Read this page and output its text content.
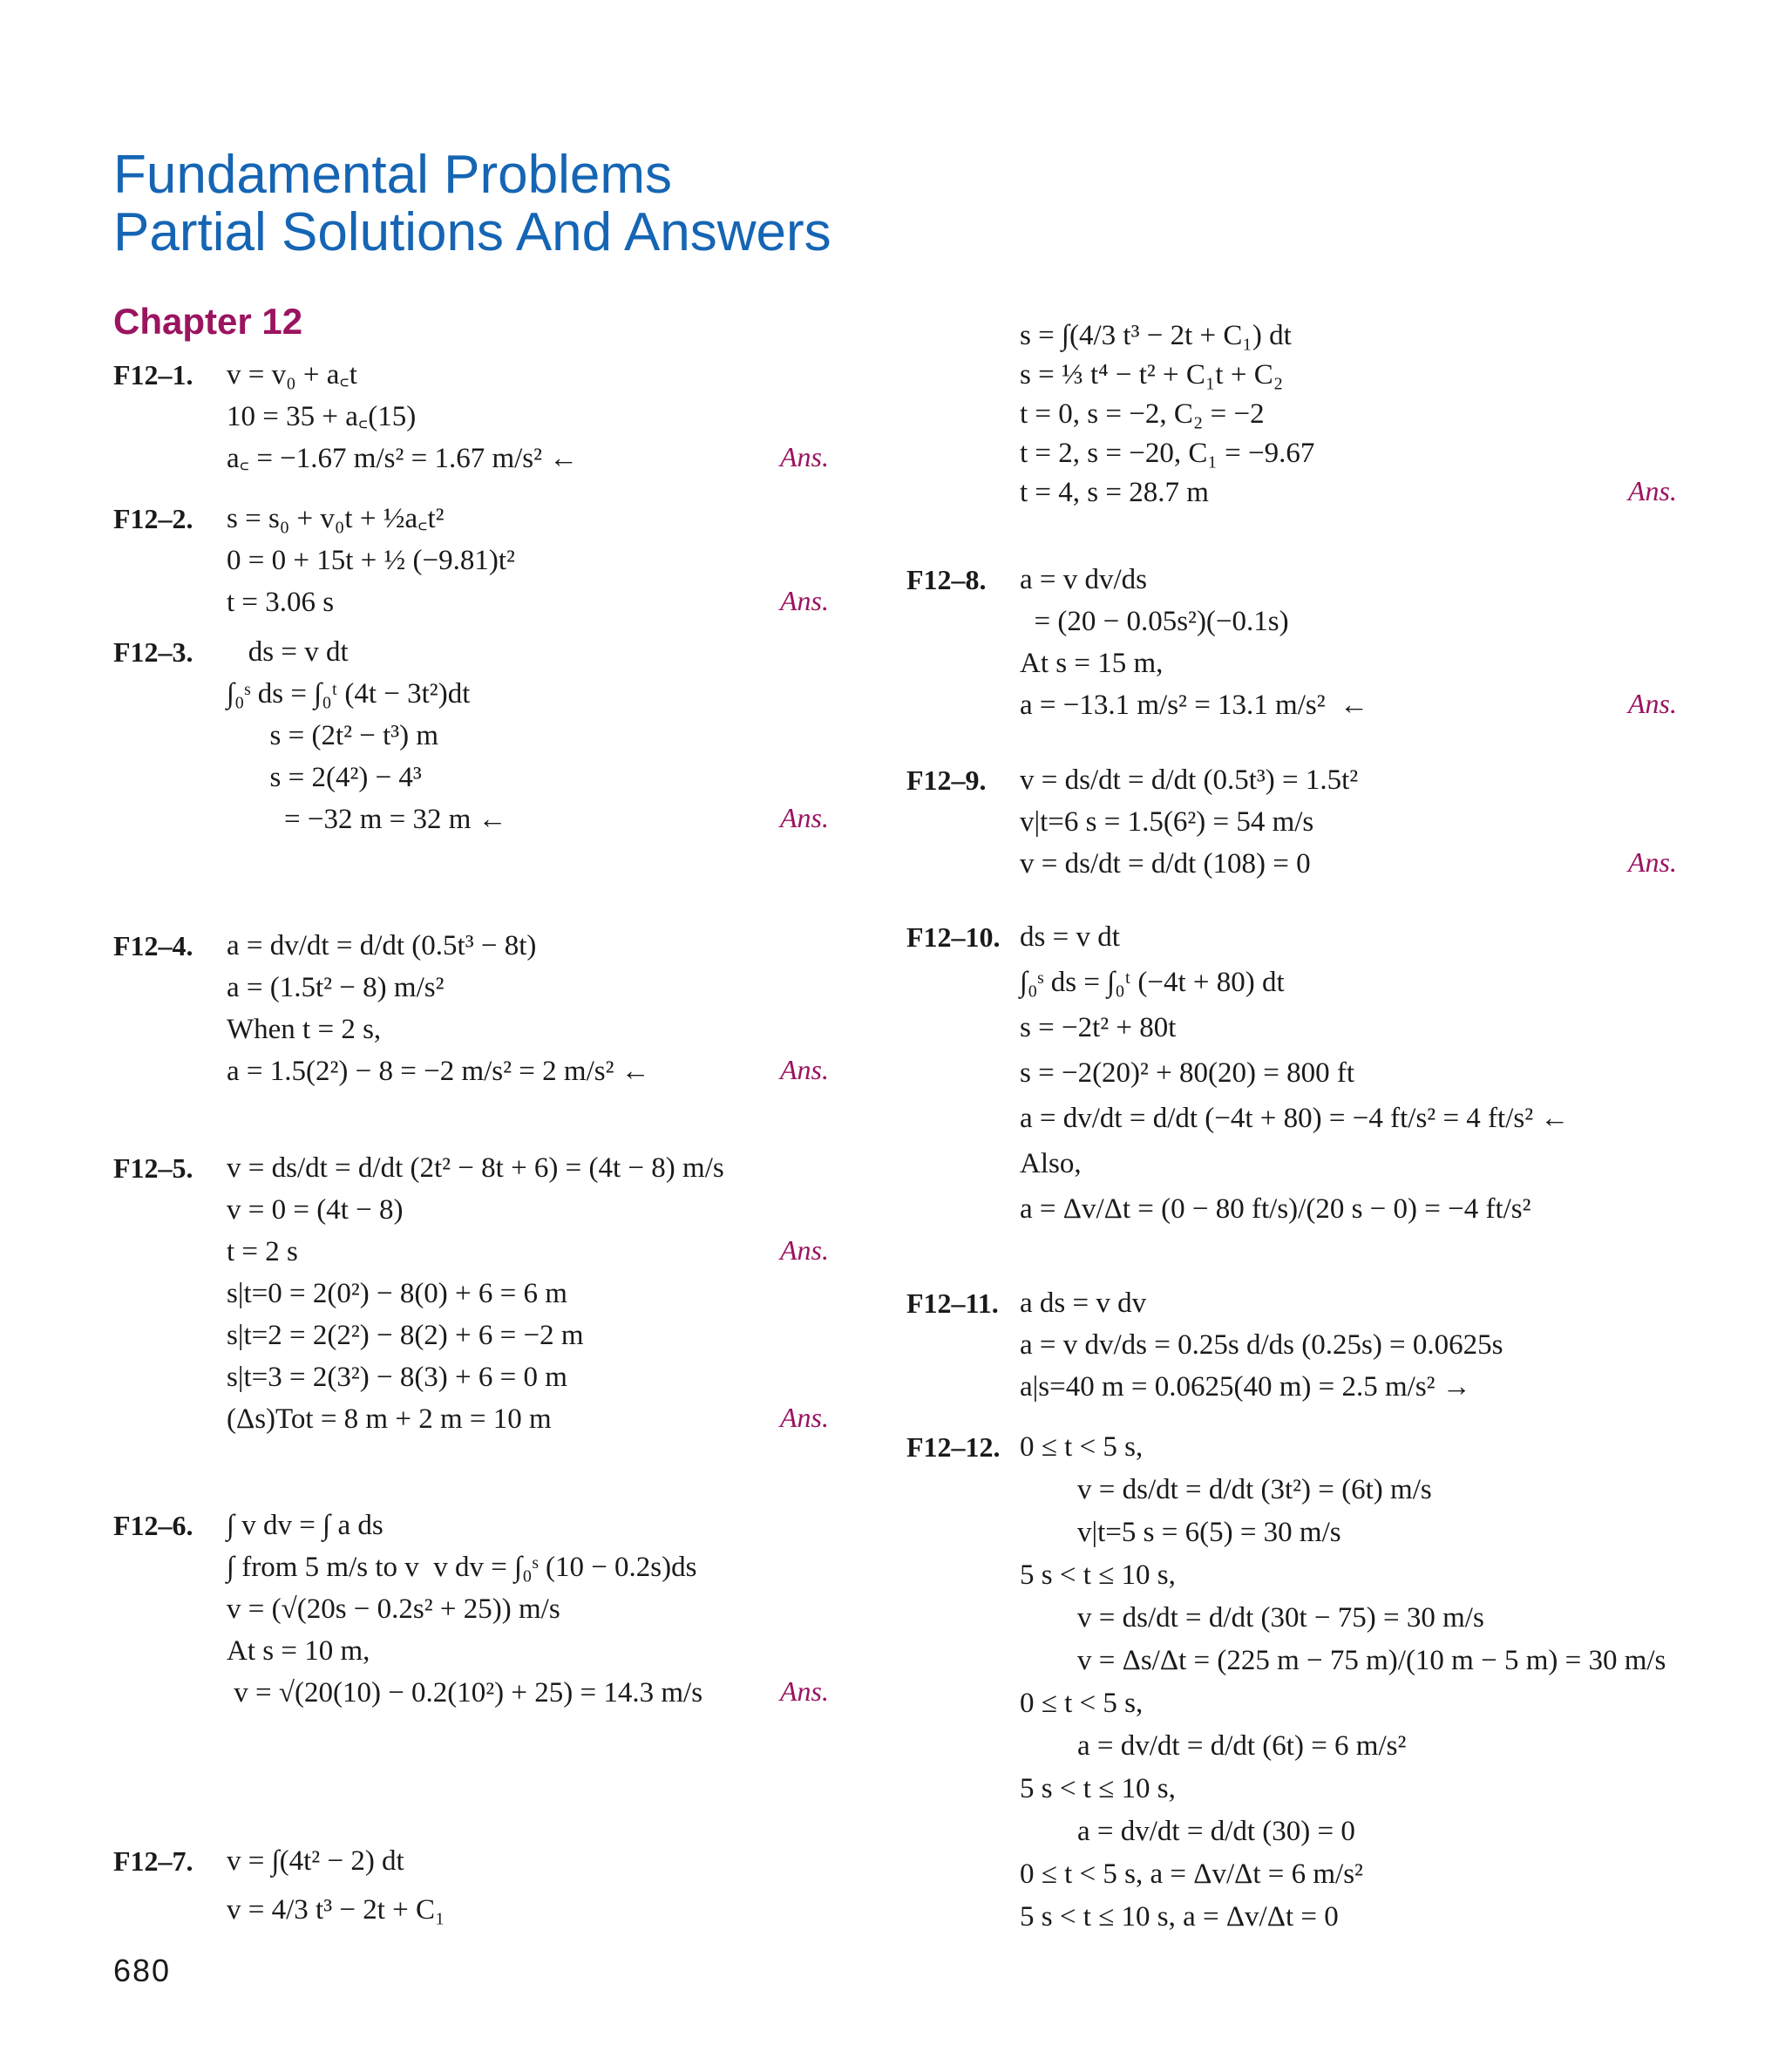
Fundamental Problems
Partial Solutions And Answers
Chapter 12
F12–1. v = v₀ + a꜀t
10 = 35 + a꜀(15)
a꜀ = −1.67 m/s² = 1.67 m/s² ←	Ans.
F12–2. s = s₀ + v₀t + ½a꜀t²
0 = 0 + 15t + ½ (−9.81)t²
t = 3.06 s	Ans.
F12–3. ds = v dt
∫₀ˢ ds = ∫₀ᵗ (4t − 3t²)dt
s = (2t² − t³) m
s = 2(4²) − 4³
= −32 m = 32 m ←	Ans.
F12–4. a = dv/dt = d/dt (0.5t³ − 8t)
a = (1.5t² − 8) m/s²
When t = 2 s,
a = 1.5(2²) − 8 = −2 m/s² = 2 m/s² ←	Ans.
F12–5. v = ds/dt = d/dt (2t² − 8t + 6) = (4t − 8) m/s
v = 0 = (4t − 8)
t = 2 s	Ans.
s|t=0 = 2(0²) − 8(0) + 6 = 6 m
s|t=2 = 2(2²) − 8(2) + 6 = −2 m
s|t=3 = 2(3²) − 8(3) + 6 = 0 m
(Δs)Tot = 8 m + 2 m = 10 m	Ans.
F12–6. ∫ v dv = ∫ a ds
∫ from 5 m/s to v  v dv = ∫₀ˢ (10 − 0.2s)ds
v = (√(20s − 0.2s² + 25)) m/s
At s = 10 m,
v = √(20(10) − 0.2(10²) + 25) = 14.3 m/s	Ans.
F12–7. v = ∫(4t² − 2) dt
v = 4/3 t³ − 2t + C₁
s = ∫(4/3 t³ − 2t + C₁) dt
s = ⅓ t⁴ − t² + C₁t + C₂
t = 0, s = −2, C₂ = −2
t = 2, s = −20, C₁ = −9.67
t = 4, s = 28.7 m	Ans.
F12–8. a = v dv/ds
= (20 − 0.05s²)(−0.1s)
At s = 15 m,
a = −13.1 m/s² = 13.1 m/s²  ←	Ans.
F12–9. v = ds/dt = d/dt (0.5t³) = 1.5t²
v|t=6 s = 1.5(6²) = 54 m/s
v = ds/dt = d/dt (108) = 0	Ans.
F12–10. ds = v dt
∫₀ˢ ds = ∫₀ᵗ (−4t + 80) dt
s = −2t² + 80t
s = −2(20)² + 80(20) = 800 ft
a = dv/dt = d/dt (−4t + 80) = −4 ft/s² = 4 ft/s² ←
Also,
a = Δv/Δt = (0 − 80 ft/s)/(20 s − 0) = −4 ft/s²
F12–11. a ds = v dv
a = v dv/ds = 0.25s d/ds (0.25s) = 0.0625s
a|s=40 m = 0.0625(40 m) = 2.5 m/s² →
F12–12. 0 ≤ t < 5 s,
v = ds/dt = d/dt (3t²) = (6t) m/s
v|t=5 s = 6(5) = 30 m/s
5 s < t ≤ 10 s,
v = ds/dt = d/dt (30t − 75) = 30 m/s
v = Δs/Δt = (225 m − 75 m)/(10 m − 5 m) = 30 m/s
0 ≤ t < 5 s,
a = dv/dt = d/dt (6t) = 6 m/s²
5 s < t ≤ 10 s,
a = dv/dt = d/dt (30) = 0
0 ≤ t < 5 s, a = Δv/Δt = 6 m/s²
5 s < t ≤ 10 s, a = Δv/Δt = 0
680
